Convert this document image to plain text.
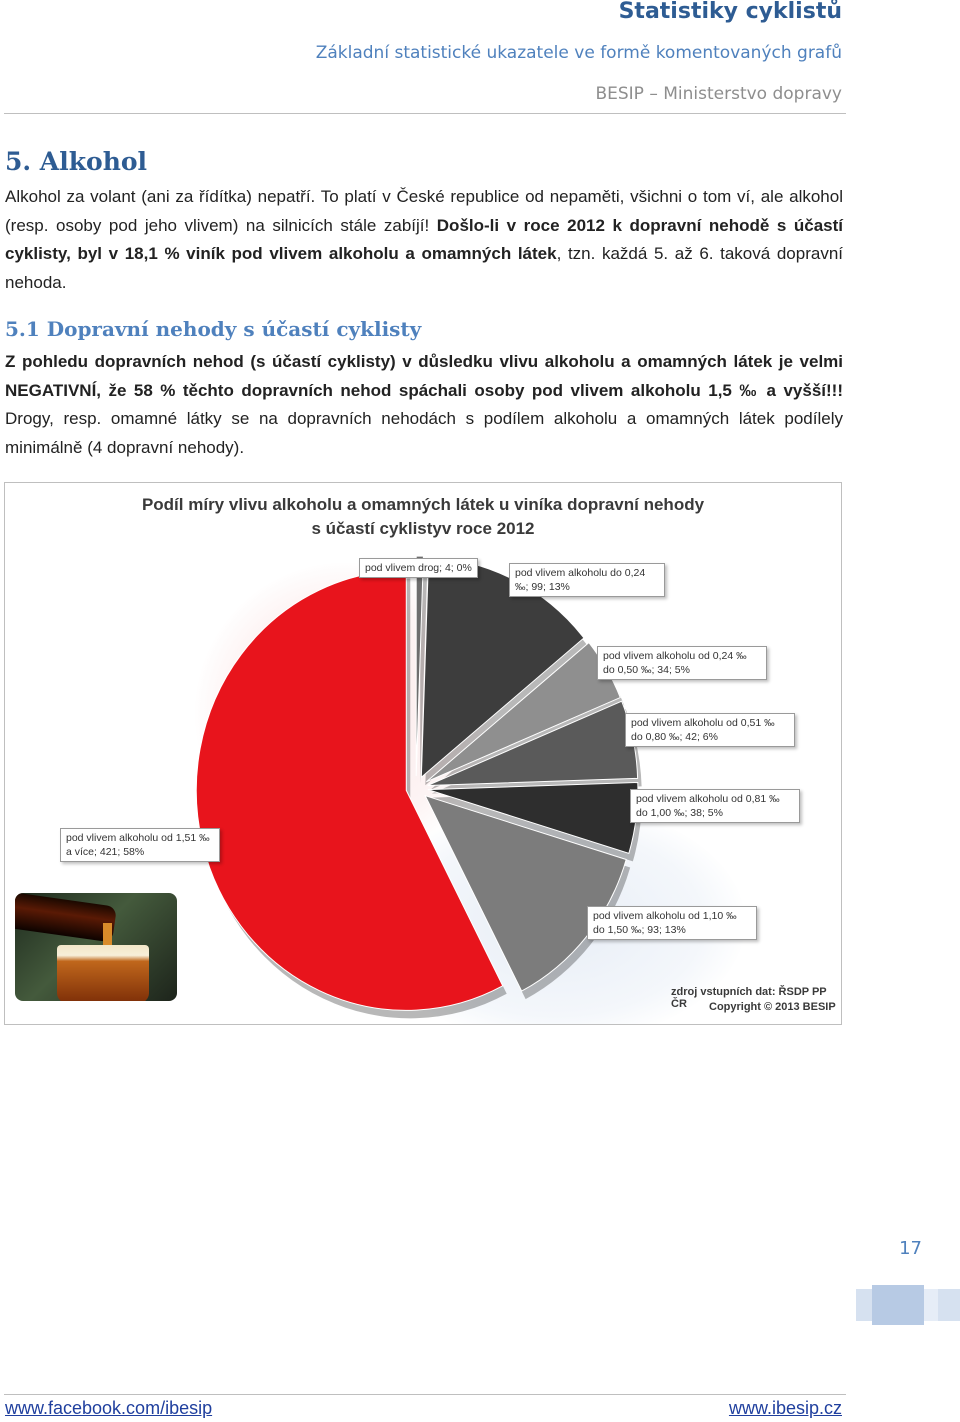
Statistiky cyklistů
Základní statistické ukazatele ve formě komentovaných grafů
BESIP – Ministerstvo dopravy
5. Alkohol

Alkohol za volant (ani za řídítka) nepatří. To platí v České republice od nepaměti, všichni o tom ví, ale alkohol (resp. osoby pod jeho vlivem) na silnicích stále zabíjí! Došlo-li v roce 2012 k dopravní nehodě s účastí cyklisty, byl v 18,1 % viník pod vlivem alkoholu a omamných látek, tzn. každá 5. až 6. taková dopravní nehoda.

5.1 Dopravní nehody s účastí cyklisty

Z pohledu dopravních nehod (s účastí cyklisty) v důsledku vlivu alkoholu a omamných látek je velmi NEGATIVNÍ, že 58 % těchto dopravních nehod spáchali osoby pod vlivem alkoholu 1,5 ‰ a vyšší!!! Drogy, resp. omamné látky se na dopravních nehodách s podílem alkoholu a omamných látek podílely minimálně (4 dopravní nehody).

Podíl míry vlivu alkoholu a omamných látek u viníka dopravní nehody
s účastí cyklistyv roce 2012
pod vlivem drog; 4; 0%	pod vlivem alkoholu do 0,24 ‰; 99; 13%
pod vlivem alkoholu od 0,24 ‰ do 0,50 ‰; 34; 5%
pod vlivem alkoholu od 0,51 ‰ do 0,80 ‰; 42; 6%
pod vlivem alkoholu od 0,81 ‰ do 1,00 ‰; 38; 5%
pod vlivem alkoholu od 1,10 ‰ do 1,50 ‰; 93; 13%
pod vlivem alkoholu od 1,51 ‰ a více; 421; 58%
zdroj vstupních dat: ŘSDP PP ČR	Copyright © 2013 BESIP
17
www.facebook.com/ibesip	www.ibesip.cz
